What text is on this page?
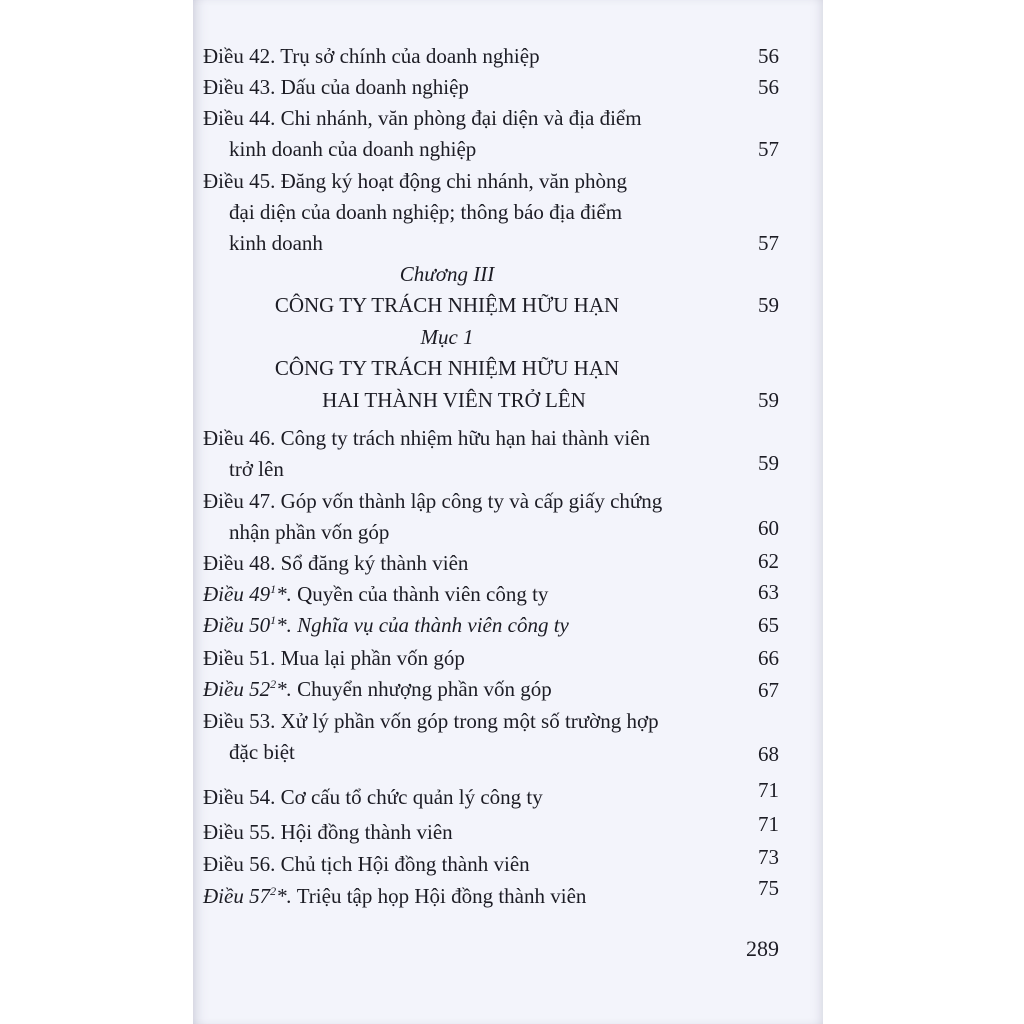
Điều 42. Trụ sở chính của doanh nghiệp	56
Điều 43. Dấu của doanh nghiệp	56
Điều 44. Chi nhánh, văn phòng đại diện và địa điểm
kinh doanh của doanh nghiệp	57
Điều 45. Đăng ký hoạt động chi nhánh, văn phòng
đại diện của doanh nghiệp; thông báo địa điểm
kinh doanh	57
Chương III
CÔNG TY TRÁCH NHIỆM HỮU HẠN	59
Mục 1
CÔNG TY TRÁCH NHIỆM HỮU HẠN
HAI THÀNH VIÊN TRỞ LÊN	59
Điều 46. Công ty trách nhiệm hữu hạn hai thành viên
trở lên	59
Điều 47. Góp vốn thành lập công ty và cấp giấy chứng
nhận phần vốn góp	60
Điều 48. Sổ đăng ký thành viên	62
Điều $49^1*$. Quyền của thành viên công ty	63
Điều $50^1*$. Nghĩa vụ của thành viên công ty	65
Điều 51. Mua lại phần vốn góp	66
Điều $52^2*$. Chuyển nhượng phần vốn góp	67
Điều 53. Xử lý phần vốn góp trong một số trường hợp
đặc biệt	68
Điều 54. Cơ cấu tổ chức quản lý công ty	71
Điều 55. Hội đồng thành viên	71
Điều 56. Chủ tịch Hội đồng thành viên	73
Điều $57^2*$. Triệu tập họp Hội đồng thành viên	75
289
